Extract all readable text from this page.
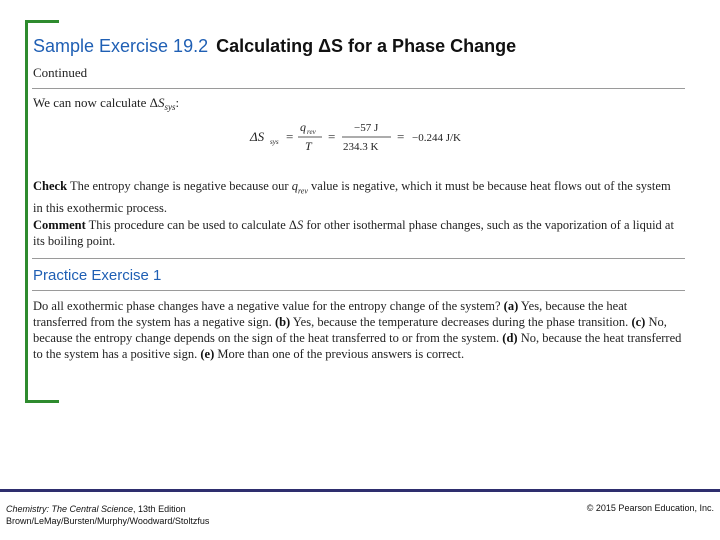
Sample Exercise 19.2 Calculating ΔS for a Phase Change
Continued
We can now calculate $\Delta S_{sys}$:
ΔS sys =
q rev
T
=
−57 J
234.3 K
= −0.244 J/K
Check The entropy change is negative because our $q_{rev}$ value is negative, which it must be because heat flows out of the system in this exothermic process.
Comment This procedure can be used to calculate ΔS for other isothermal phase changes, such as the vaporization of a liquid at its boiling point.
Practice Exercise 1
Do all exothermic phase changes have a negative value for the entropy change of the system? (a) Yes, because the heat transferred from the system has a negative sign. (b) Yes, because the temperature decreases during the phase transition. (c) No, because the entropy change depends on the sign of the heat transferred to or from the system. (d) No, because the heat transferred to the system has a positive sign. (e) More than one of the previous answers is correct.
Chemistry: The Central Science, 13th Edition
Brown/LeMay/Bursten/Murphy/Woodward/Stoltzfus
© 2015 Pearson Education, Inc.
